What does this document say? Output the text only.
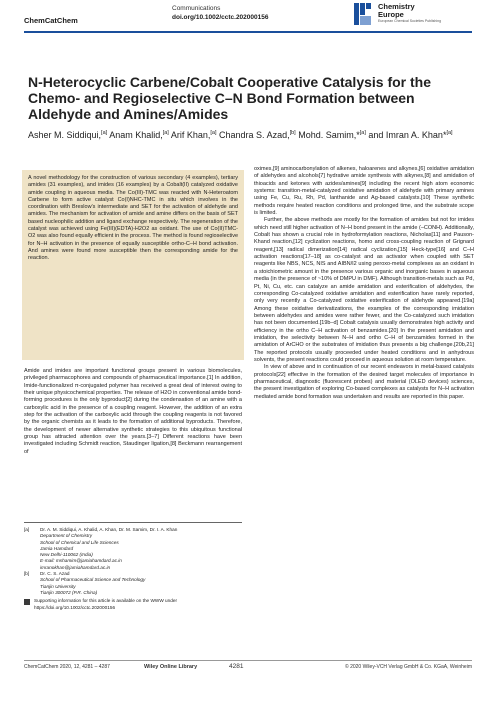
ChemCatChem
Communications
doi.org/10.1002/cctc.202000156
Chemistry
Europe
European Chemical Societies Publishing
N-Heterocyclic Carbene/Cobalt Cooperative Catalysis for the Chemo- and Regioselective C–N Bond Formation between Aldehyde and Amines/Amides
Asher M. Siddiqui,[a] Anam Khalid,[a] Arif Khan,[a] Chandra S. Azad,[b] Mohd. Samim,*[a] and Imran A. Khan*[a]
A novel methodology for the construction of various secondary (4 examples), tertiary amides (31 examples), and imides (16 examples) by a Cobalt(II) catalyzed oxidative amide coupling in aqueous media. The Co(III)-TMC was reacted with N-Heteroatom Carbene to form active catalyst Co(I)NHC-TMC in situ which involves in the coordination with Breslow’s intermediate and SET for the activation of aldehyde and amides. The mechanism for activation of amide and amine differs on the basis of SET based nucleophilic addition and ligand exchange respectively. The regeneration of the catalyst was achieved using Fe(III)(EDTA)-H2O2 as oxidant. The use of Co(II)TMC-O2 was also found equally efficient in the process. The method is found regioselective for N–H activation in the presence of equally susceptible ortho-C–H bond activation. And amines were found more susceptible then the corresponding amide for the reaction.

Amide and imides are important functional groups present in various biomolecules, privileged pharmacophores and compounds of pharmaceutical importance.[1] In addition, Imide-functionalized π-conjugated polymer has received a great deal of interest owing to their unique physicochemical properties. The release of H2O in conventional amide bond-forming procedures is the only byproduct[2] during the condensation of an amine with a carboxylic acid in the presence of a coupling reagent. However, the addition of an extra step for the activation of the carboxylic acid through the coupling reagents is not favored by the organic chemists as it leads to the formation of additional byproducts. Therefore, the development of newer alternative synthetic strategies to this ubiquitous functional group has attracted attention over the years.[3–7] Different reactions have been investigated including Schmidt reaction, Staudinger ligation,[8] Beckmann rearrangement of

oximes,[9] aminocarbonylation of alkenes, haloarenes and alkynes,[6] oxidative amidation of aldehydes and alcohols[7] hydrative amide synthesis with alkynes,[8] and amidation of thioacids and ketones with azides/amines[9] including the recent high atom economic systems: transition-metal-catalyzed oxidative amidation of aldehyde with primary amines using Fe, Cu, Ru, Rh, Pd, lanthanide and Ag-based catalysts.[10] These synthetic methods require heated reaction conditions and prolonged time, and the substrate scope is limited.

Further, the above methods are mostly for the formation of amides but not for imides which need still higher activation of N–H bond present in the amide (–CONH). Additionally, Cobalt has shown a crucial role in hydroformylation reactions, Nicholas[11] and Pauson-Khand reaction,[12] cyclization reactions, homo and cross-coupling reaction of Grignard reagent,[13] radical dimerization[14] radical cyclization,[15] Heck-type[16] and C–H activation reactions[17–18] as co-catalyst and as activator when coupled with SET reagents like NBS, NCS, NIS and AIBN/I2 using peroxo-metal complexes as an oxidant in a stoichiometric amount in the presence various organic and inorganic bases in aqueous media (in the presence of ~10% of DMPU in DMF). Although transition-metals such as Pd, Pt, Ni, Cu, etc. can catalyze an amide amidation and esterification of aldehydes, the corresponding Co-catalyzed oxidative amidation and esterification have rarely reported, only very recently a Co-catalyzed oxidative esterification of aldehyde appeared.[19a] Among these oxidative derivatizations, the examples of the corresponding imidation between aldehydes and amides were rather fewer, and the Co-catalyzed such imidation has not been documented.[19b–d] Cobalt catalysis usually demonstrates high activity and efficiency in the ortho C–H activation of benzamides.[20] In the present amidation and imidation, the selectivity between N–H and ortho C–H of benzamides formed in the amidation of ArCHO or the substrates of imidation thus presents a big challenge.[20b,21] The reported protocols usually proceeded under heated conditions and in anhydrous solvents, the present reactions could proceed in aqueous solution at room temperature.

In view of above and in continuation of our recent endeavors in metal-based catalysis protocols[22] effective in the formation of the desired target molecules of importance in pharmaceutical, diagnostic (fluorescent probes) and material (OLED devices) sciences, the present investigation of exploring Co-based complexes as catalysts for N–H activation mediated amide bond formation was undertaken and results are reported in this paper.

[a] Dr. A. M. Siddiqui, A. Khalid, A. Khan, Dr. M. Samim, Dr. I. A. Khan
Department of Chemistry
School of Chemical and Life Sciences
Jamia Hamdard
New Delhi-110062 (India)
E-mail: mshamim@jamiahamdard.ac.in
imranokhan@jamiahamdard.ac.in
[b] Dr. C. S. Azad
School of Pharmaceutical Science and Technology
Tianjin University
Tianjin 300072 (P.R. China)
Supporting information for this article is available on the WWW under https://doi.org/10.1002/cctc.202000156
ChemCatChem 2020, 12, 4281 – 4287	Wiley Online Library	4281	© 2020 Wiley-VCH Verlag GmbH & Co. KGaA, Weinheim
